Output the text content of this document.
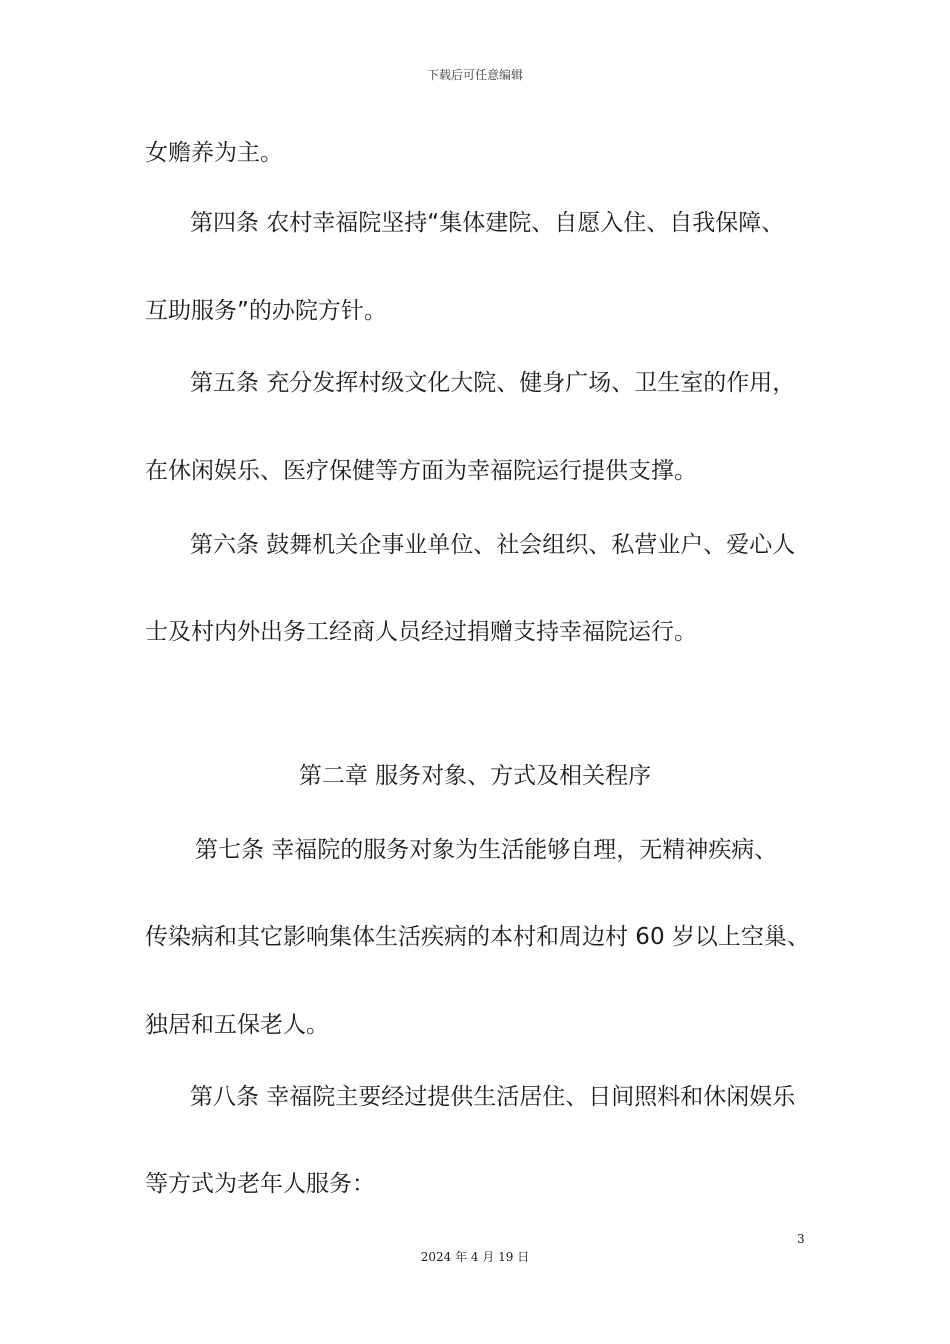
下载后可任意编辑
女赡养为主。
第四条 农村幸福院坚持“集体建院、自愿入住、自我保障、
互助服务”的办院方针。
第五条 充分发挥村级文化大院、健身广场、卫生室的作用，
在休闲娱乐、医疗保健等方面为幸福院运行提供支撑。
第六条 鼓舞机关企事业单位、社会组织、私营业户、爱心人
士及村内外出务工经商人员经过捐赠支持幸福院运行。
第二章 服务对象、方式及相关程序
第七条 幸福院的服务对象为生活能够自理，无精神疾病、
传染病和其它影响集体生活疾病的本村和周边村 60 岁以上空巢、
独居和五保老人。
第八条 幸福院主要经过提供生活居住、日间照料和休闲娱乐
等方式为老年人服务：
3
2024 年 4 月 19 日
